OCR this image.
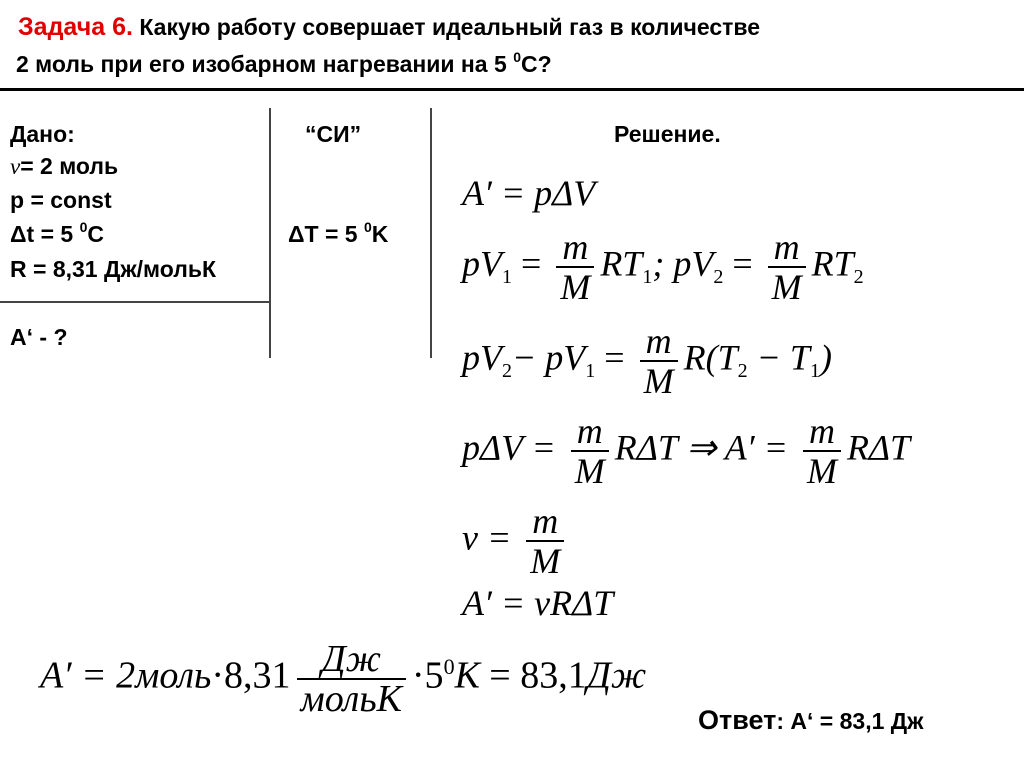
Задача 6. Какую работу совершает идеальный газ в количестве
2 моль при его изобарном нагревании на 5 $^0$С?
Дано:
ν= 2 моль
p = const
Δt = 5 $^0$С
R = 8,31 Дж/мольК
A‘ - ?
“СИ”
ΔT = 5 $^0$K
Решение.
A′ = pΔV
$pV_1 = \frac{m}{M} RT_1$; $pV_2 = \frac{m}{M} RT_2$
$pV_2- pV_1 = \frac{m}{M} R(T_2 - T_1)$
$p\Delta V = \frac{m}{M}$ RΔT ⇒ $A' = \frac{m}{M}$ RΔT
$\nu = \frac{m}{M}$
A′ = νRΔT
A′ = 2моль·8,31 $\frac{Дж}{\text{мольК}} \cdot 5^0К = 83,1Дж$
Ответ: A‘ = 83,1 Дж
